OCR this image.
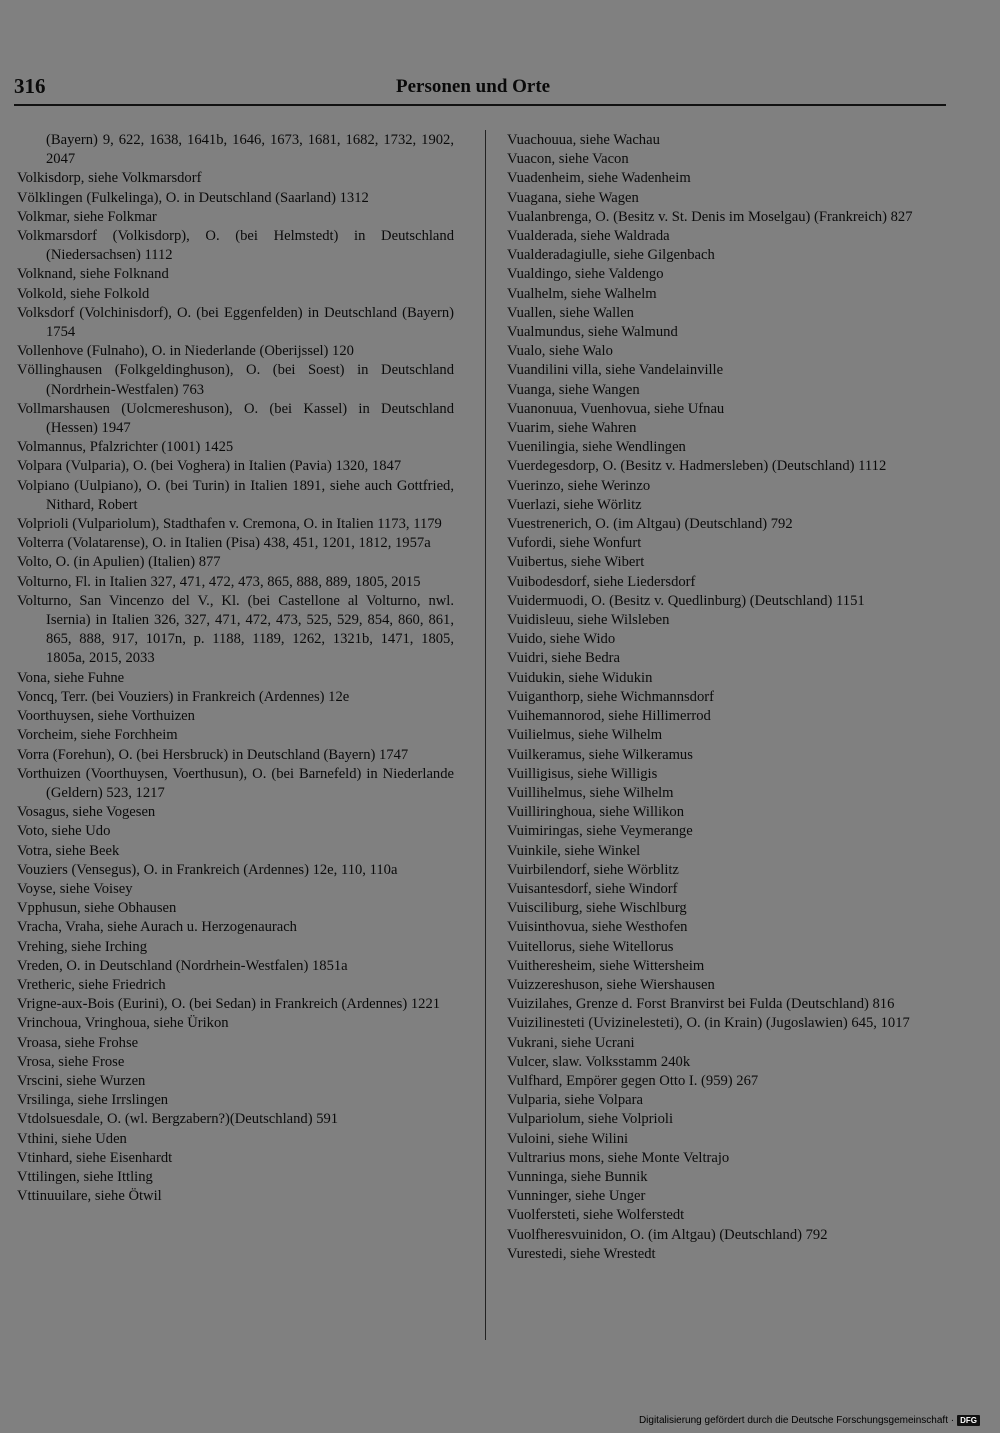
316	Personen und Orte

(Bayern) 9, 622, 1638, 1641b, 1646, 1673, 1681, 1682, 1732, 1902, 2047

Volkisdorp, siehe Volkmarsdorf

Völklingen (Fulkelinga), O. in Deutschland (Saarland) 1312

Volkmar, siehe Folkmar

Volkmarsdorf (Volkisdorp), O. (bei Helmstedt) in Deutschland (Niedersachsen) 1112

Volknand, siehe Folknand

Volkold, siehe Folkold

Volksdorf (Volchinisdorf), O. (bei Eggenfelden) in Deutschland (Bayern) 1754

Vollenhove (Fulnaho), O. in Niederlande (Oberijssel) 120

Völlinghausen (Folkgeldinghuson), O. (bei Soest) in Deutschland (Nordrhein-Westfalen) 763

Vollmarshausen (Uolcmereshuson), O. (bei Kassel) in Deutschland (Hessen) 1947

Volmannus, Pfalzrichter (1001) 1425

Volpara (Vulparia), O. (bei Voghera) in Italien (Pavia) 1320, 1847

Volpiano (Uulpiano), O. (bei Turin) in Italien 1891, siehe auch Gottfried, Nithard, Robert

Volprioli (Vulpariolum), Stadthafen v. Cremona, O. in Italien 1173, 1179

Volterra (Volatarense), O. in Italien (Pisa) 438, 451, 1201, 1812, 1957a

Volto, O. (in Apulien) (Italien) 877

Volturno, Fl. in Italien 327, 471, 472, 473, 865, 888, 889, 1805, 2015

Volturno, San Vincenzo del V., Kl. (bei Castellone al Volturno, nwl. Isernia) in Italien 326, 327, 471, 472, 473, 525, 529, 854, 860, 861, 865, 888, 917, 1017n, p. 1188, 1189, 1262, 1321b, 1471, 1805, 1805a, 2015, 2033

Vona, siehe Fuhne

Voncq, Terr. (bei Vouziers) in Frankreich (Ardennes) 12e

Voorthuysen, siehe Vorthuizen

Vorcheim, siehe Forchheim

Vorra (Forehun), O. (bei Hersbruck) in Deutschland (Bayern) 1747

Vorthuizen (Voorthuysen, Voerthusun), O. (bei Barnefeld) in Niederlande (Geldern) 523, 1217

Vosagus, siehe Vogesen

Voto, siehe Udo

Votra, siehe Beek

Vouziers (Vensegus), O. in Frankreich (Ardennes) 12e, 110, 110a

Voyse, siehe Voisey

Vpphusun, siehe Obhausen

Vracha, Vraha, siehe Aurach u. Herzogenaurach

Vrehing, siehe Irching

Vreden, O. in Deutschland (Nordrhein-Westfalen) 1851a

Vretheric, siehe Friedrich

Vrigne-aux-Bois (Eurini), O. (bei Sedan) in Frankreich (Ardennes) 1221

Vrinchoua, Vringhoua, siehe Ürikon

Vroasa, siehe Frohse

Vrosa, siehe Frose

Vrscini, siehe Wurzen

Vrsilinga, siehe Irrslingen

Vtdolsuesdale, O. (wl. Bergzabern?)(Deutschland) 591

Vthini, siehe Uden

Vtinhard, siehe Eisenhardt

Vttilingen, siehe Ittling

Vttinuuilare, siehe Ötwil

Vuachouua, siehe Wachau

Vuacon, siehe Vacon

Vuadenheim, siehe Wadenheim

Vuagana, siehe Wagen

Vualanbrenga, O. (Besitz v. St. Denis im Moselgau) (Frankreich) 827

Vualderada, siehe Waldrada

Vualderadagiulle, siehe Gilgenbach

Vualdingo, siehe Valdengo

Vualhelm, siehe Walhelm

Vuallen, siehe Wallen

Vualmundus, siehe Walmund

Vualo, siehe Walo

Vuandilini villa, siehe Vandelainville

Vuanga, siehe Wangen

Vuanonuua, Vuenhovua, siehe Ufnau

Vuarim, siehe Wahren

Vuenilingia, siehe Wendlingen

Vuerdegesdorp, O. (Besitz v. Hadmersleben) (Deutschland) 1112

Vuerinzo, siehe Werinzo

Vuerlazi, siehe Wörlitz

Vuestrenerich, O. (im Altgau) (Deutschland) 792

Vufordi, siehe Wonfurt

Vuibertus, siehe Wibert

Vuibodesdorf, siehe Liedersdorf

Vuidermuodi, O. (Besitz v. Quedlinburg) (Deutschland) 1151

Vuidisleuu, siehe Wilsleben

Vuido, siehe Wido

Vuidri, siehe Bedra

Vuidukin, siehe Widukin

Vuiganthorp, siehe Wichmannsdorf

Vuihemannorod, siehe Hillimerrod

Vuilielmus, siehe Wilhelm

Vuilkeramus, siehe Wilkeramus

Vuilligisus, siehe Willigis

Vuillihelmus, siehe Wilhelm

Vuilliringhoua, siehe Willikon

Vuimiringas, siehe Veymerange

Vuinkile, siehe Winkel

Vuirbilendorf, siehe Wörblitz

Vuisantesdorf, siehe Windorf

Vuisciliburg, siehe Wischlburg

Vuisinthovua, siehe Westhofen

Vuitellorus, siehe Witellorus

Vuitheresheim, siehe Wittersheim

Vuizzereshuson, siehe Wiershausen

Vuizilahes, Grenze d. Forst Branvirst bei Fulda (Deutschland) 816

Vuizilinesteti (Uvizinelesteti), O. (in Krain) (Jugoslawien) 645, 1017

Vukrani, siehe Ucrani

Vulcer, slaw. Volksstamm 240k

Vulfhard, Empörer gegen Otto I. (959) 267

Vulparia, siehe Volpara

Vulpariolum, siehe Volprioli

Vuloini, siehe Wilini

Vultrarius mons, siehe Monte Veltrajo

Vunninga, siehe Bunnik

Vunninger, siehe Unger

Vuolfersteti, siehe Wolferstedt

Vuolfheresvuinidon, O. (im Altgau) (Deutschland) 792

Vurestedi, siehe Wrestedt

Digitalisierung gefördert durch die Deutsche Forschungsgemeinschaft · DFG
